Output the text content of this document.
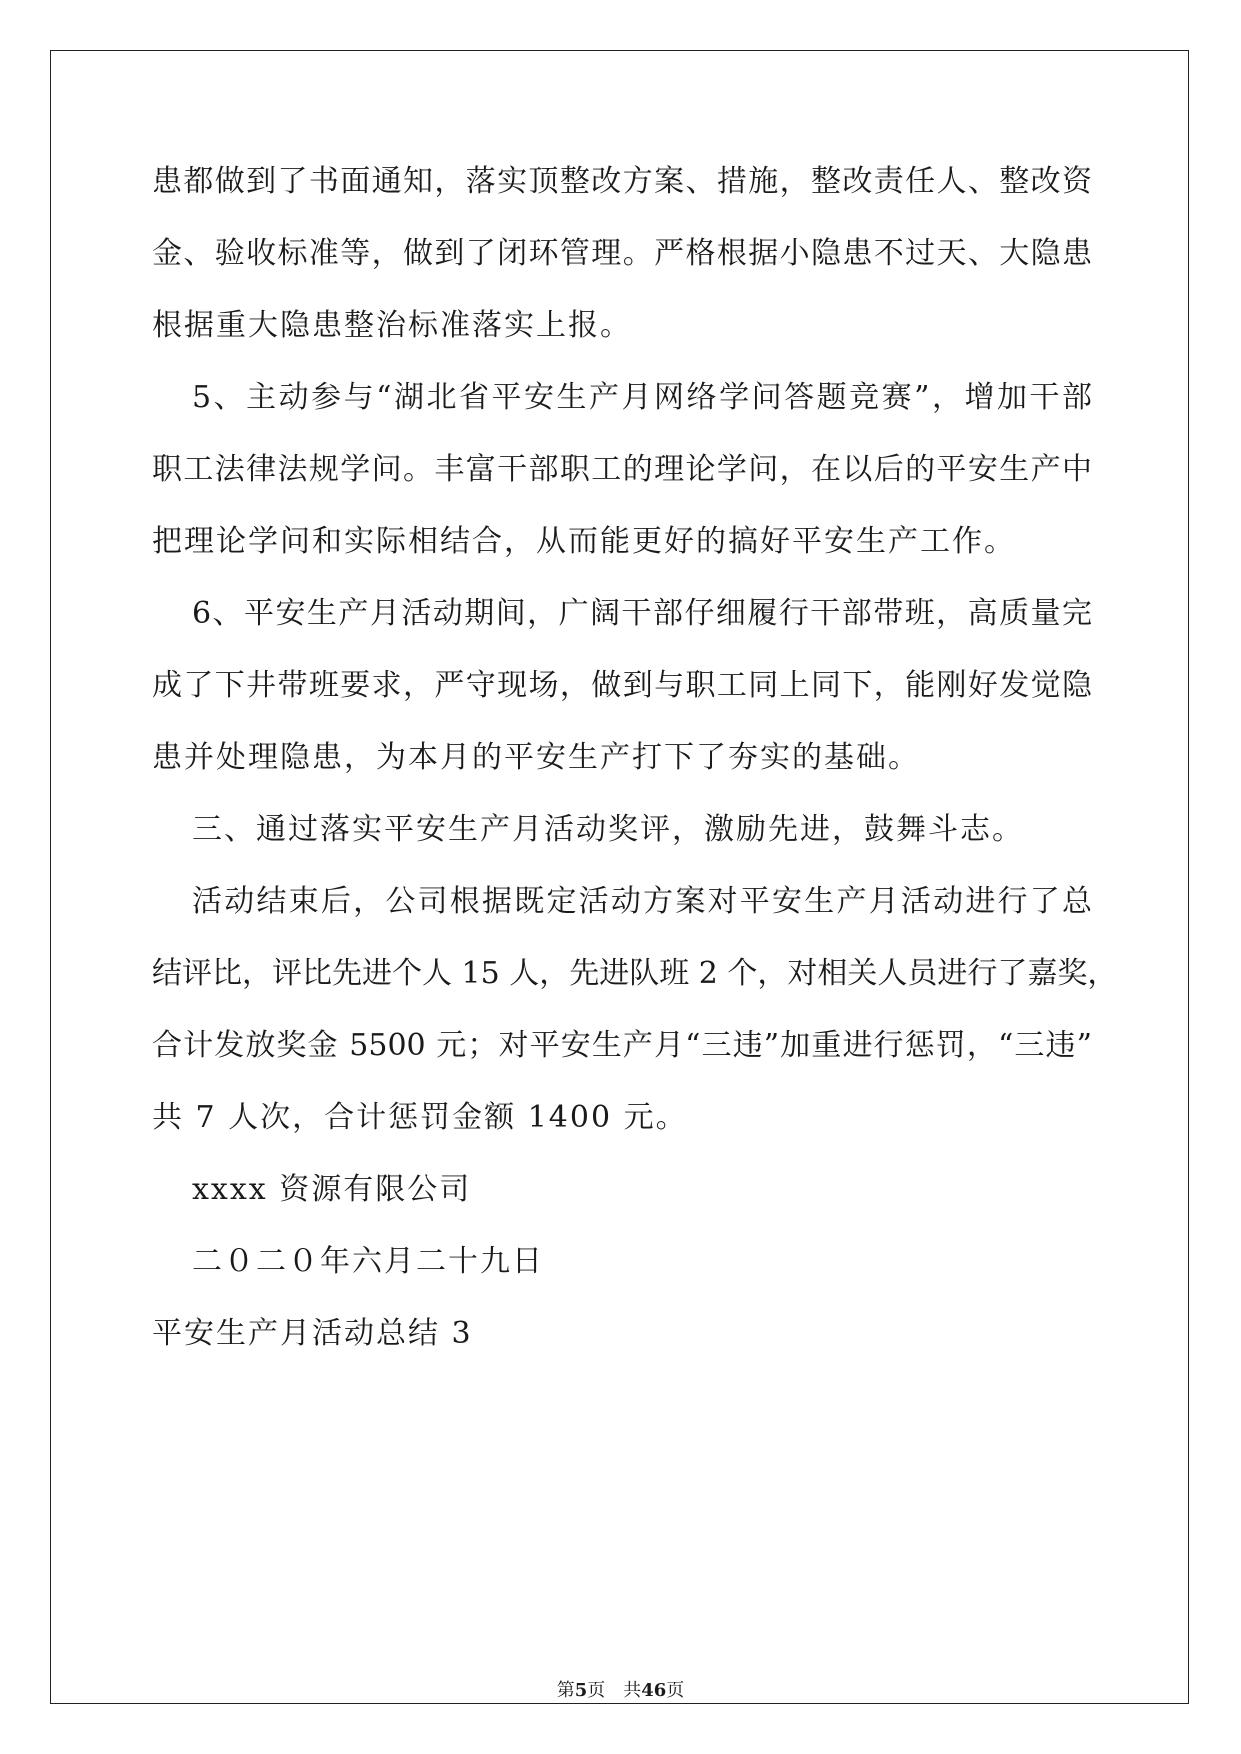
患都做到了书面通知，落实顶整改方案、措施，整改责任人、整改资
金、验收标准等，做到了闭环管理。严格根据小隐患不过天、大隐患
根据重大隐患整治标准落实上报。
5、主动参与“湖北省平安生产月网络学问答题竞赛”，增加干部
职工法律法规学问。丰富干部职工的理论学问，在以后的平安生产中
把理论学问和实际相结合，从而能更好的搞好平安生产工作。
6、平安生产月活动期间，广阔干部仔细履行干部带班，高质量完
成了下井带班要求，严守现场，做到与职工同上同下，能刚好发觉隐
患并处理隐患，为本月的平安生产打下了夯实的基础。
三、通过落实平安生产月活动奖评，激励先进，鼓舞斗志。
活动结束后，公司根据既定活动方案对平安生产月活动进行了总
结评比，评比先进个人 15 人，先进队班 2 个，对相关人员进行了嘉奖，
合计发放奖金 5500 元；对平安生产月“三违”加重进行惩罚，“三违”
共 7 人次，合计惩罚金额 1400 元。
xxxx 资源有限公司
二０二０年六月二十九日
平安生产月活动总结 3
第5页　共46页
